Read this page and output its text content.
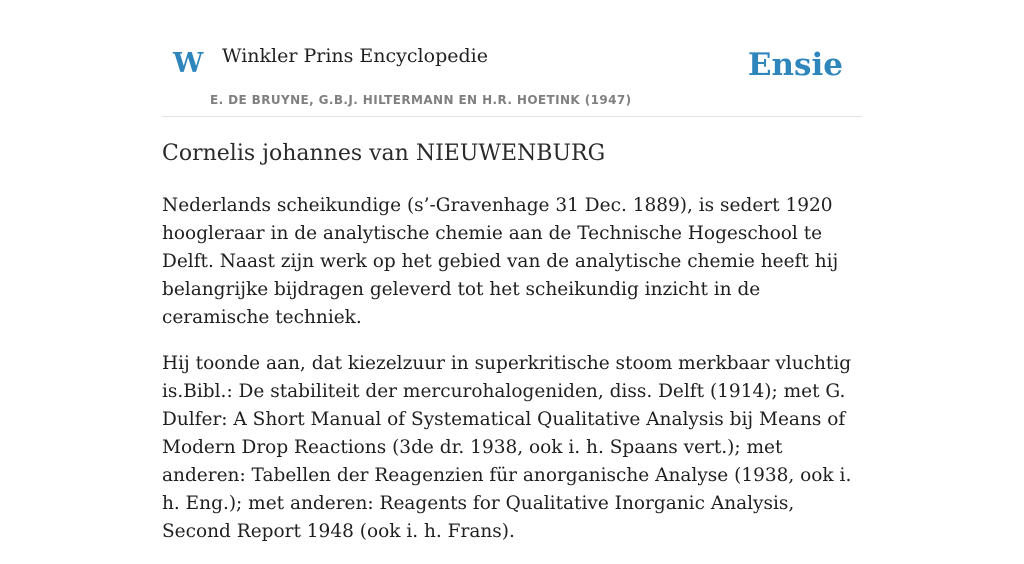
W Winkler Prins Encyclopedie
E. DE BRUYNE, G.B.J. HILTERMANN EN H.R. HOETINK (1947)
Ensie
Cornelis johannes van NIEUWENBURG

Nederlands scheikundige (s’-Gravenhage 31 Dec. 1889), is sedert 1920 hoogleraar in de analytische chemie aan de Technische Hogeschool te Delft. Naast zijn werk op het gebied van de analytische chemie heeft hij belangrijke bijdragen geleverd tot het scheikundig inzicht in de ceramische techniek.

Hij toonde aan, dat kiezelzuur in superkritische stoom merkbaar vluchtig is.Bibl.: De stabiliteit der mercurohalogeniden, diss. Delft (1914); met G. Dulfer: A Short Manual of Systematical Qualitative Analysis bij Means of Modern Drop Reactions (3de dr. 1938, ook i. h. Spaans vert.); met anderen: Tabellen der Reagenzien für anorganische Analyse (1938, ook i. h. Eng.); met anderen: Reagents for Qualitative Inorganic Analysis, Second Report 1948 (ook i. h. Frans).
